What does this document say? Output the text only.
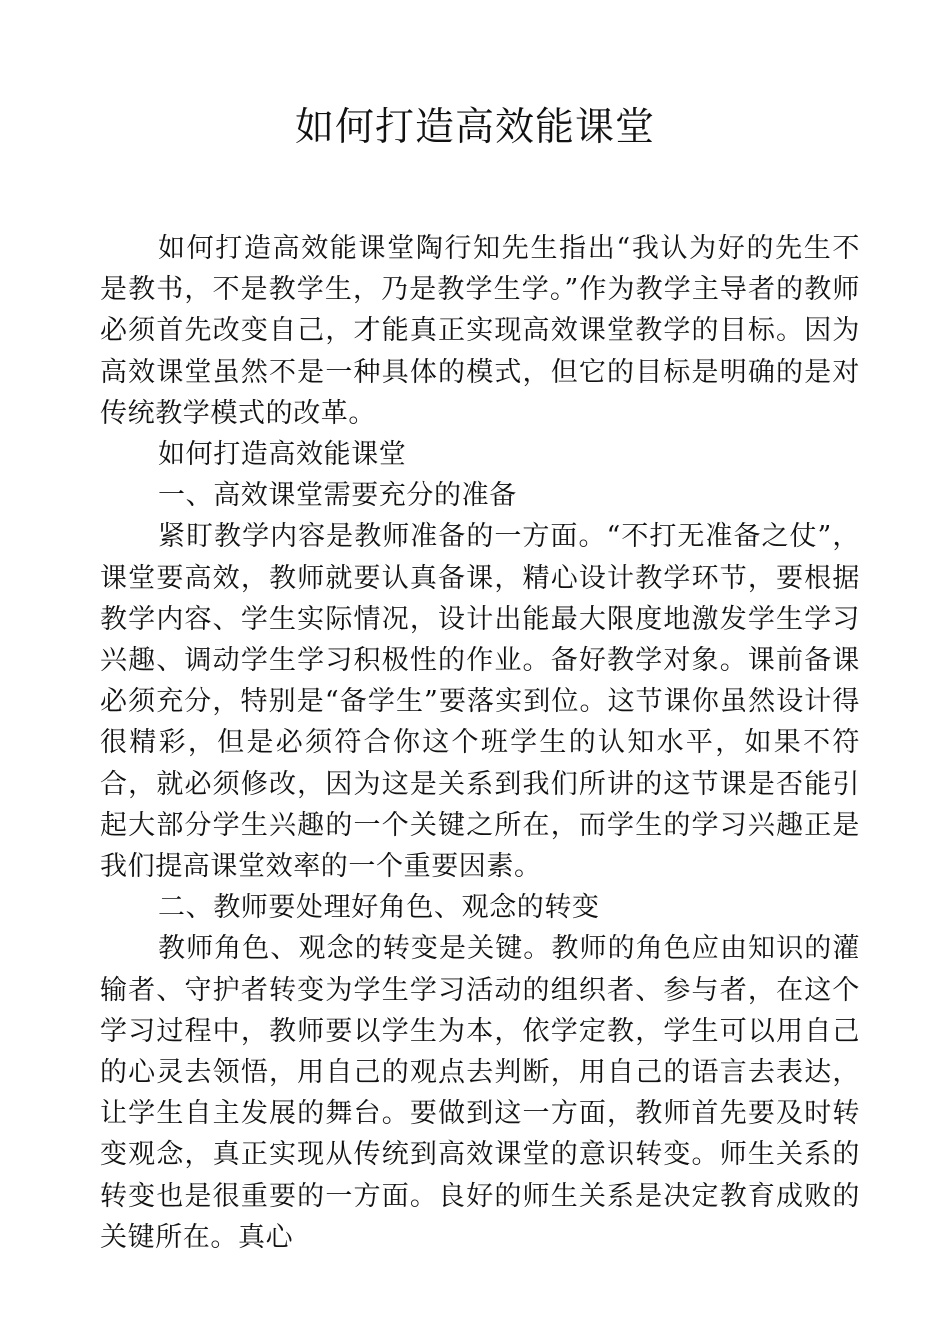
如何打造高效能课堂

如何打造高效能课堂陶行知先生指出“我认为好的先生不是教书，不是教学生，乃是教学生学。”作为教学主导者的教师必须首先改变自己，才能真正实现高效课堂教学的目标。因为高效课堂虽然不是一种具体的模式，但它的目标是明确的是对传统教学模式的改革。

如何打造高效能课堂

一、高效课堂需要充分的准备

紧盯教学内容是教师准备的一方面。“不打无准备之仗”，课堂要高效，教师就要认真备课，精心设计教学环节，要根据教学内容、学生实际情况，设计出能最大限度地激发学生学习兴趣、调动学生学习积极性的作业。备好教学对象。课前备课必须充分，特别是“备学生”要落实到位。这节课你虽然设计得很精彩，但是必须符合你这个班学生的认知水平，如果不符合，就必须修改，因为这是关系到我们所讲的这节课是否能引起大部分学生兴趣的一个关键之所在，而学生的学习兴趣正是我们提高课堂效率的一个重要因素。

二、教师要处理好角色、观念的转变

教师角色、观念的转变是关键。教师的角色应由知识的灌输者、守护者转变为学生学习活动的组织者、参与者，在这个学习过程中，教师要以学生为本，依学定教，学生可以用自己的心灵去领悟，用自己的观点去判断，用自己的语言去表达，让学生自主发展的舞台。要做到这一方面，教师首先要及时转变观念，真正实现从传统到高效课堂的意识转变。师生关系的转变也是很重要的一方面。良好的师生关系是决定教育成败的关键所在。真心
